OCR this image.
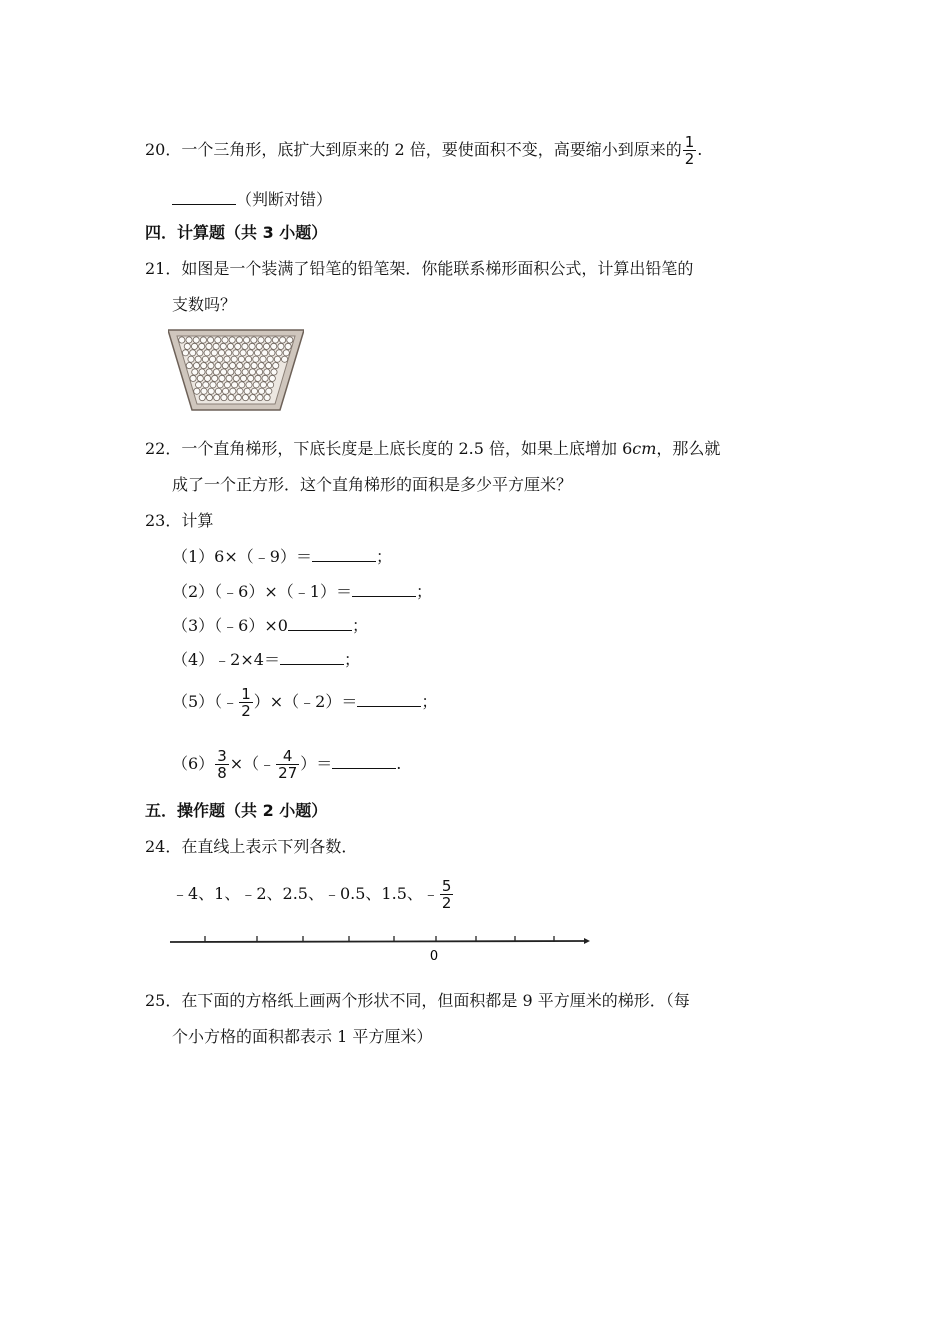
20．一个三角形，底扩大到原来的 2 倍，要使面积不变，高要缩小到原来的 $\frac{1}{2}$ .
（判断对错）
四．计算题（共 3 小题）
21．如图是一个装满了铅笔的铅笔架．你能联系梯形面积公式，计算出铅笔的
支数吗？
22．一个直角梯形，下底长度是上底长度的 2.5 倍，如果上底增加 6cm，那么就
成了一个正方形．这个直角梯形的面积是多少平方厘米？
23．计算
（1）6×（﹣9）＝	；
（2）（﹣6）×（﹣1）＝	；
（3）（﹣6）×0	；
（4）﹣2×4＝	；
（5）（﹣ $\frac{1}{2}$ ）×（﹣2）＝	；
$(6) \frac{3}{8}$ ×（﹣ $\frac{4}{27}$ ）＝	.
五．操作题（共 2 小题）
24．在直线上表示下列各数．
﹣4、1、﹣2、2.5、﹣0.5、1.5、﹣ $\frac{5}{2}$
0
25．在下面的方格纸上画两个形状不同，但面积都是 9 平方厘米的梯形．（每
个小方格的面积都表示 1 平方厘米）
